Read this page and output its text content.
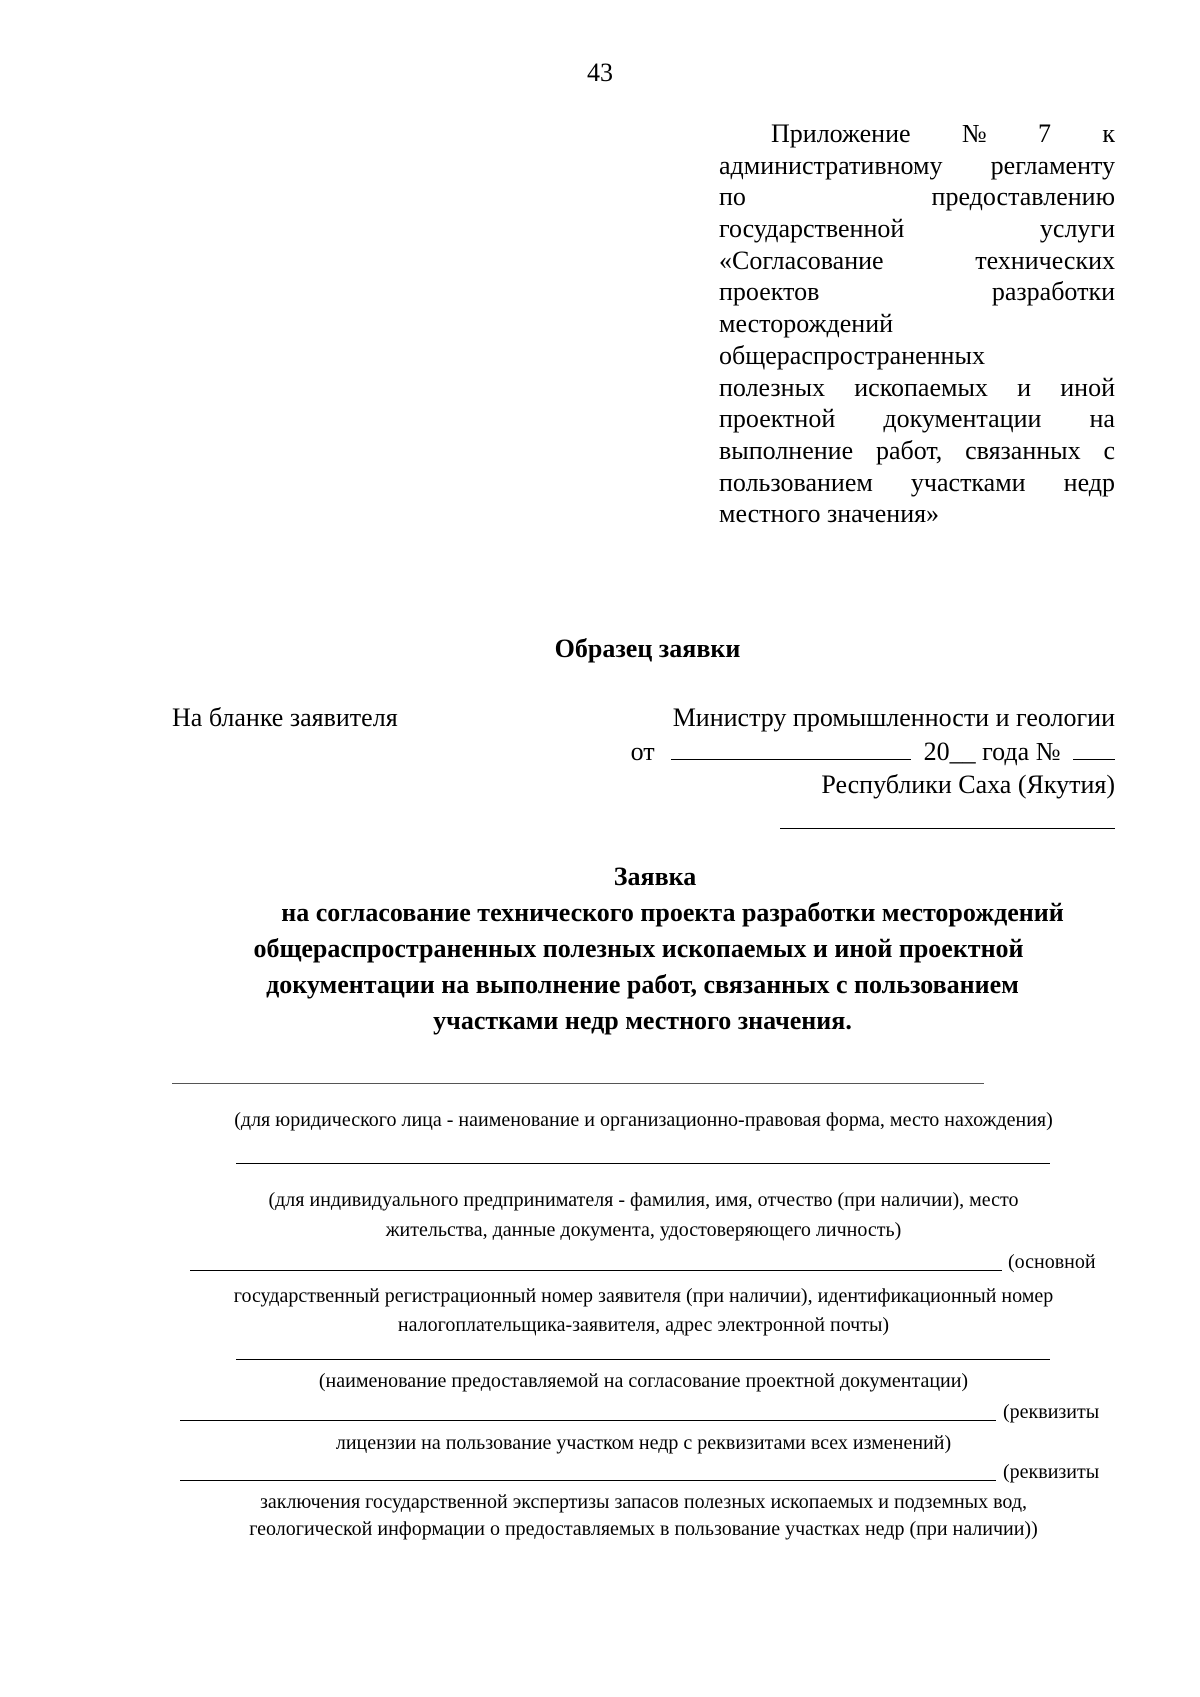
43
Приложение № 7 к
административному регламенту
по	предоставлению
государственной	услуги
«Согласование	технических
проектов	разработки
месторождений
общераспространенных
полезных ископаемых и иной
проектной документации на
выполнение работ, связанных с
пользованием участками недр
местного значения»
Образец заявки
На бланке заявителя	Министру промышленности и геологии
от	20__ года №
Республики Саха (Якутия)
Заявка
на согласование технического проекта разработки месторождений
общераспространенных полезных ископаемых и иной проектной
документации на выполнение работ, связанных с пользованием
участками недр местного значения.
(для юридического лица - наименование и организационно-правовая форма, место нахождения)
(для индивидуального предпринимателя - фамилия, имя, отчество (при наличии), место
жительства, данные документа, удостоверяющего личность)
(основной
государственный регистрационный номер заявителя (при наличии), идентификационный номер
налогоплательщика-заявителя, адрес электронной почты)
(наименование предоставляемой на согласование проектной документации)
(реквизиты
лицензии на пользование участком недр с реквизитами всех изменений)
(реквизиты
заключения государственной экспертизы запасов полезных ископаемых и подземных вод,
геологической информации о предоставляемых в пользование участках недр (при наличии))
